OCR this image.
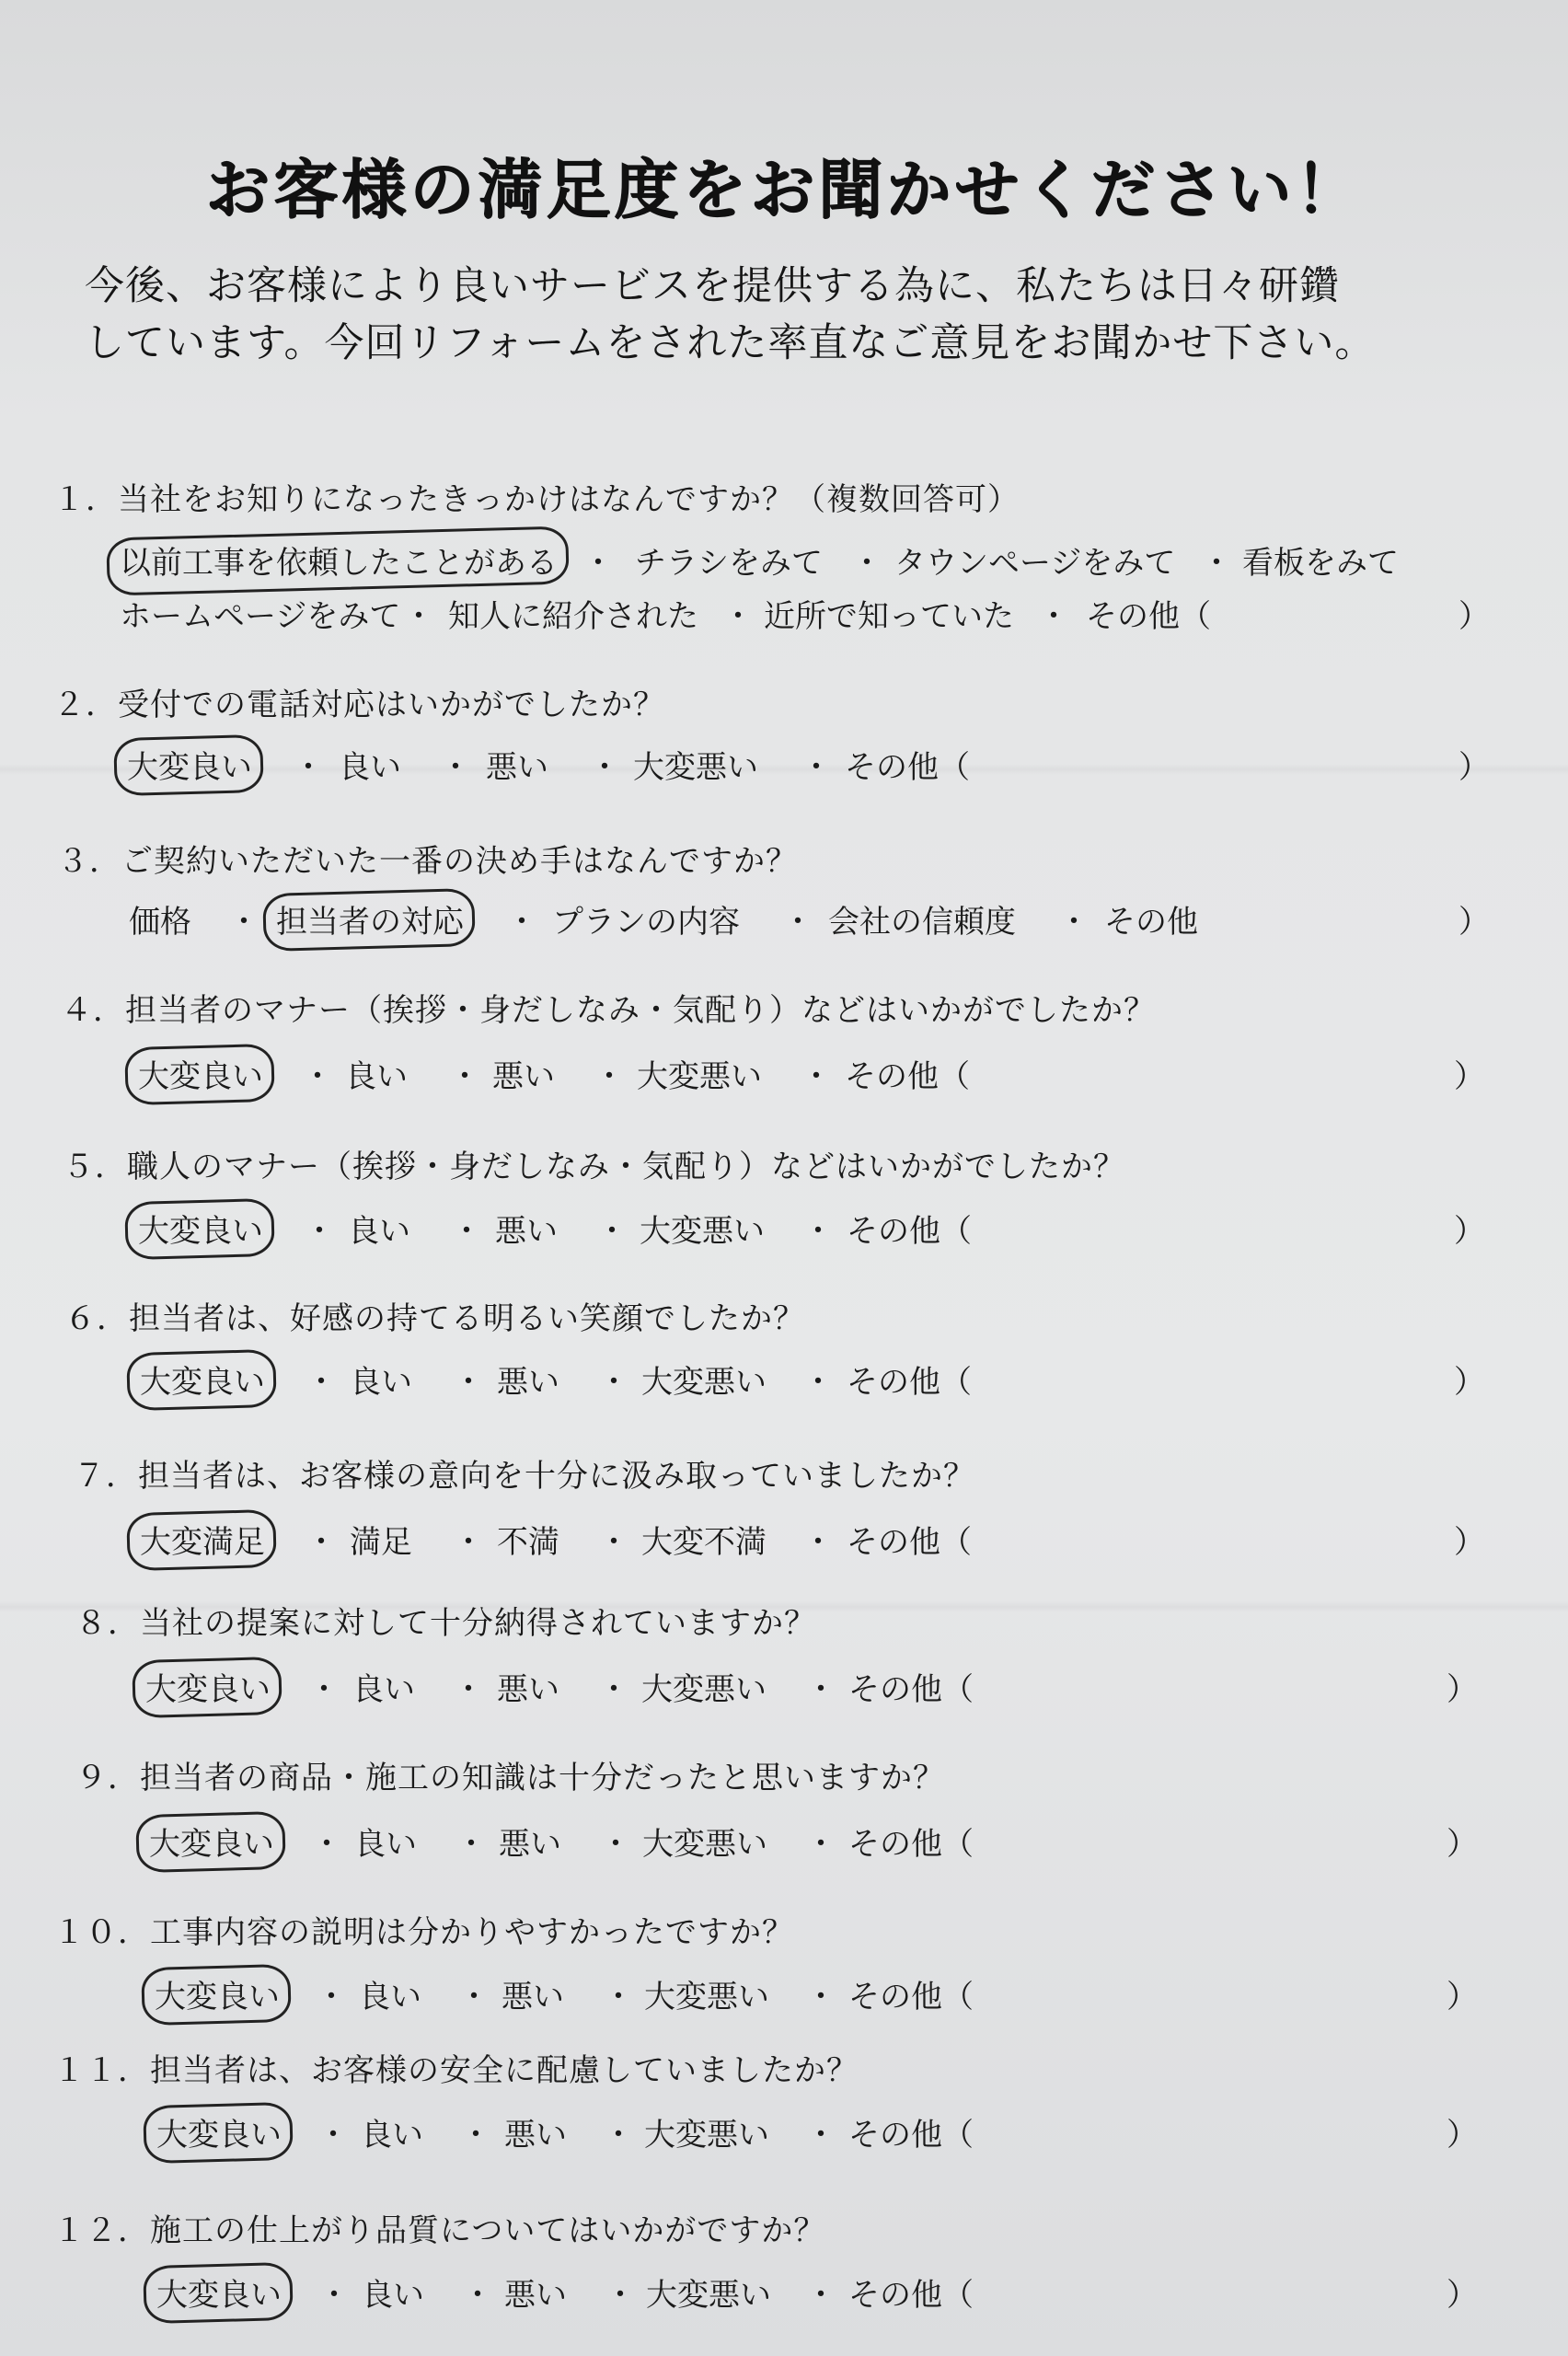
お客様の満足度をお聞かせください！
今後、お客様により良いサービスを提供する為に、私たちは日々研鑽
しています。今回リフォームをされた率直なご意見をお聞かせ下さい。
１．当社をお知りになったきっかけはなんですか？（複数回答可）
以前工事を依頼したことがある ・ チラシをみて ・ タウンページをみて ・ 看板をみて
ホームページをみて ・ 知人に紹介された ・ 近所で知っていた ・ その他（	）
２．受付での電話対応はいかがでしたか？
大変良い ・ 良い ・ 悪い ・ 大変悪い ・ その他（	）
３．ご契約いただいた一番の決め手はなんですか？
価格 ・ 担当者の対応 ・ プランの内容 ・ 会社の信頼度 ・ その他	）
４．担当者のマナー（挨拶・身だしなみ・気配り）などはいかがでしたか？
大変良い ・ 良い ・ 悪い ・ 大変悪い ・ その他（	）
５．職人のマナー（挨拶・身だしなみ・気配り）などはいかがでしたか？
大変良い ・ 良い ・ 悪い ・ 大変悪い ・ その他（	）
６．担当者は、好感の持てる明るい笑顔でしたか？
大変良い ・ 良い ・ 悪い ・ 大変悪い ・ その他（	）
７．担当者は、お客様の意向を十分に汲み取っていましたか？
大変満足 ・ 満足 ・ 不満 ・ 大変不満 ・ その他（	）
８．当社の提案に対して十分納得されていますか？
大変良い ・ 良い ・ 悪い ・ 大変悪い ・ その他（	）
９．担当者の商品・施工の知識は十分だったと思いますか？
大変良い ・ 良い ・ 悪い ・ 大変悪い ・ その他（	）
１０．工事内容の説明は分かりやすかったですか？
大変良い ・ 良い ・ 悪い ・ 大変悪い ・ その他（	）
１１．担当者は、お客様の安全に配慮していましたか？
大変良い ・ 良い ・ 悪い ・ 大変悪い ・ その他（	）
１２．施工の仕上がり品質についてはいかがですか？
大変良い ・ 良い ・ 悪い ・ 大変悪い ・ その他（	）
